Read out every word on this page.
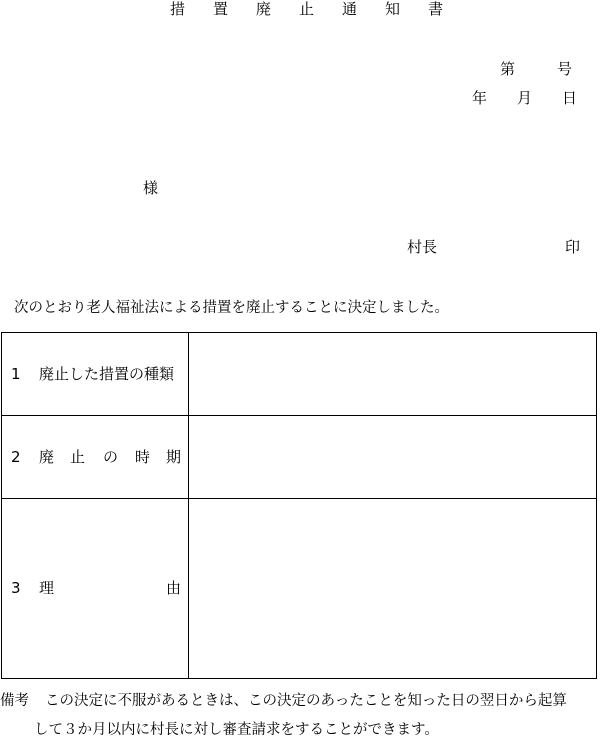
措 置 廃 止 通 知 書
第	号
年 月 日
様
村長	印
次のとおり老人福祉法による措置を廃止することに決定しました。
1 廃止した措置の種類
2 廃 止 の 時 期
3 理	由
備考 この決定に不服があるときは、この決定のあったことを知った日の翌日から起算
して３か月以内に村長に対し審査請求をすることができます。
